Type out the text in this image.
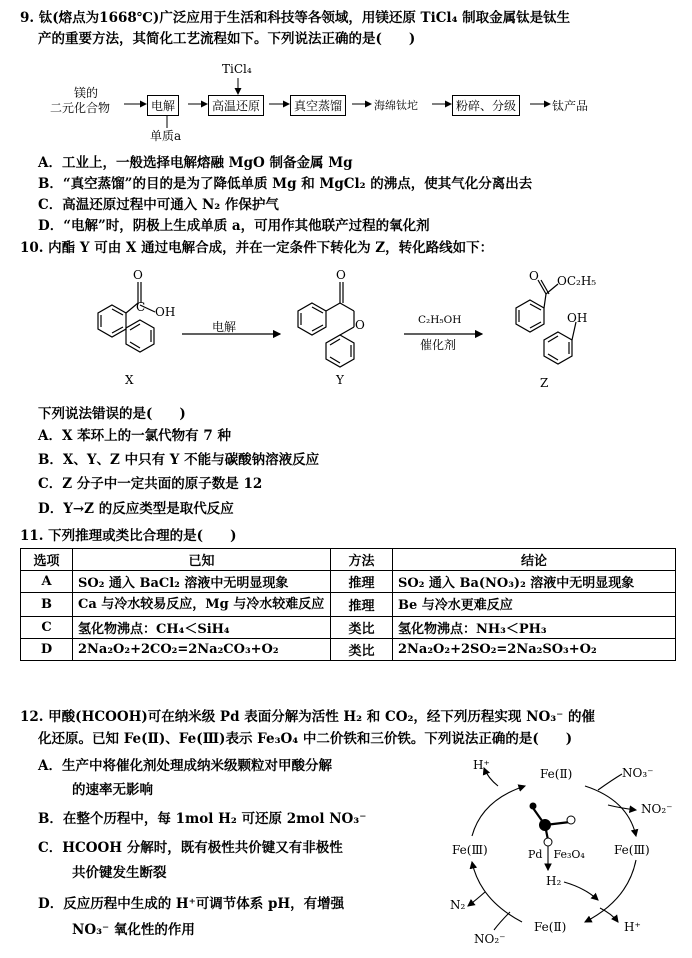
9. 钛(熔点为1668℃)广泛应用于生活和科技等各领域，用镁还原 TiCl₄ 制取金属钛是钛生
产的重要方法，其简化工艺流程如下。下列说法正确的是(　　)
镁的
二元化合物
TiCl₄
单质a
电解	高温还原	真空蒸馏	海绵钛坨	粉碎、分级	钛产品
A．工业上，一般选择电解熔融 MgO 制备金属 Mg
B．“真空蒸馏”的目的是为了降低单质 Mg 和 MgCl₂ 的沸点，使其气化分离出去
C．高温还原过程中可通入 N₂ 作保护气
D．“电解”时，阴极上生成单质 a，可用作其他联产过程的氧化剂
10. 内酯 Y 可由 X 通过电解合成，并在一定条件下转化为 Z，转化路线如下：
O
C OH
电解
O
O	C₂H₅OH
催化剂
O OC₂H₅
OH
X	Y	Z
下列说法错误的是(　　)
A．X 苯环上的一氯代物有 7 种
B．X、Y、Z 中只有 Y 不能与碳酸钠溶液反应
C．Z 分子中一定共面的原子数是 12
D．Y→Z 的反应类型是取代反应
11. 下列推理或类比合理的是(　　)
选项	已知	方法	结论
A	SO₂ 通入 BaCl₂ 溶液中无明显现象	推理	SO₂ 通入 Ba(NO₃)₂ 溶液中无明显现象
B	Ca 与冷水较易反应，Mg 与冷水较难反应	推理	Be 与冷水更难反应
C	氢化物沸点：CH₄＜SiH₄	类比	氢化物沸点：NH₃＜PH₃
D	2Na₂O₂+2CO₂=2Na₂CO₃+O₂	类比	2Na₂O₂+2SO₂=2Na₂SO₃+O₂
12. 甲酸(HCOOH)可在纳米级 Pd 表面分解为活性 H₂ 和 CO₂，经下列历程实现 NO₃⁻ 的催
化还原。已知 Fe(Ⅱ)、Fe(Ⅲ)表示 Fe₃O₄ 中二价铁和三价铁。下列说法正确的是(　　)
A．生产中将催化剂处理成纳米级颗粒对甲酸分解
的速率无影响
B．在整个历程中，每 1mol H₂ 可还原 2mol NO₃⁻
C．HCOOH 分解时，既有极性共价键又有非极性
共价键发生断裂
D．反应历程中生成的 H⁺可调节体系 pH，有增强
NO₃⁻ 氧化性的作用
H⁺
Fe(Ⅱ)	NO₃⁻
NO₂⁻
Fe(Ⅲ)	Fe(Ⅲ)
Pd｜Fe₃O₄
H₂
N₂
Fe(Ⅱ)	H⁺
NO₂⁻
